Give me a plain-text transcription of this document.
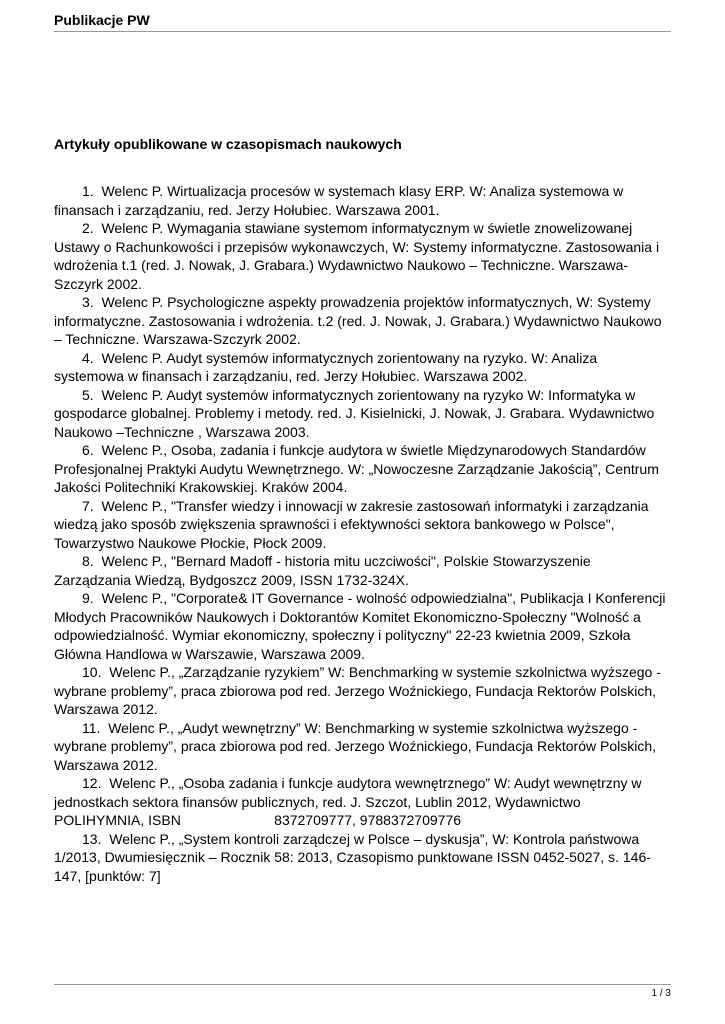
Publikacje PW
Artykuły opublikowane w czasopismach naukowych

1.  Welenc P. Wirtualizacja procesów w systemach klasy ERP. W: Analiza systemowa w finansach i zarządzaniu, red. Jerzy Hołubiec. Warszawa 2001.

2.  Welenc P. Wymagania stawiane systemom informatycznym w świetle znowelizowanej Ustawy o Rachunkowości i przepisów wykonawczych, W: Systemy informatyczne. Zastosowania i wdrożenia t.1 (red. J. Nowak, J. Grabara.) Wydawnictwo Naukowo – Techniczne. Warszawa-Szczyrk 2002.

3.  Welenc P. Psychologiczne aspekty prowadzenia projektów informatycznych, W: Systemy informatyczne. Zastosowania i wdrożenia. t.2 (red. J. Nowak, J. Grabara.) Wydawnictwo Naukowo – Techniczne. Warszawa-Szczyrk 2002.

4.  Welenc P. Audyt systemów informatycznych zorientowany na ryzyko. W: Analiza systemowa w finansach i zarządzaniu, red. Jerzy Hołubiec. Warszawa 2002.

5.  Welenc P. Audyt systemów informatycznych zorientowany na ryzyko W: Informatyka w gospodarce globalnej. Problemy i metody. red. J. Kisielnicki, J. Nowak, J. Grabara. Wydawnictwo Naukowo –Techniczne , Warszawa 2003.

6.  Welenc P., Osoba, zadania i funkcje audytora w świetle Międzynarodowych Standardów Profesjonalnej Praktyki Audytu Wewnętrznego. W: „Nowoczesne Zarządzanie Jakością”, Centrum Jakości Politechniki Krakowskiej. Kraków 2004.

7.  Welenc P., "Transfer wiedzy i innowacji w zakresie zastosowań informatyki i zarządzania wiedzą jako sposób zwiększenia sprawności i efektywności sektora bankowego w Polsce", Towarzystwo Naukowe Płockie, Płock 2009.

8.  Welenc P., "Bernard Madoff - historia mitu uczciwości", Polskie Stowarzyszenie Zarządzania Wiedzą, Bydgoszcz 2009, ISSN 1732-324X.

9.  Welenc P., "Corporate& IT Governance - wolność odpowiedzialna", Publikacja I Konferencji Młodych Pracowników Naukowych i Doktorantów Komitet Ekonomiczno-Społeczny "Wolność a odpowiedzialność. Wymiar ekonomiczny, społeczny i polityczny" 22-23 kwietnia 2009, Szkoła Główna Handlowa w Warszawie, Warszawa 2009.

10.  Welenc P., „Zarządzanie ryzykiem” W: Benchmarking w systemie szkolnictwa wyższego - wybrane problemy”, praca zbiorowa pod red. Jerzego Woźnickiego, Fundacja Rektorów Polskich, Warszawa 2012.

11.  Welenc P., „Audyt wewnętrzny” W: Benchmarking w systemie szkolnictwa wyższego - wybrane problemy”, praca zbiorowa pod red. Jerzego Woźnickiego, Fundacja Rektorów Polskich, Warszawa 2012.

12.  Welenc P., „Osoba zadania i funkcje audytora wewnętrznego” W: Audyt wewnętrzny w jednostkach sektora finansów publicznych, red. J. Szczot, Lublin 2012, Wydawnictwo POLIHYMNIA, ISBN                        8372709777, 9788372709776

13.  Welenc P., „System kontroli zarządczej w Polsce – dyskusja”, W: Kontrola państwowa 1/2013, Dwumiesięcznik – Rocznik 58: 2013, Czasopismo punktowane ISSN 0452-5027, s. 146-147, [punktów: 7]

1 / 3
